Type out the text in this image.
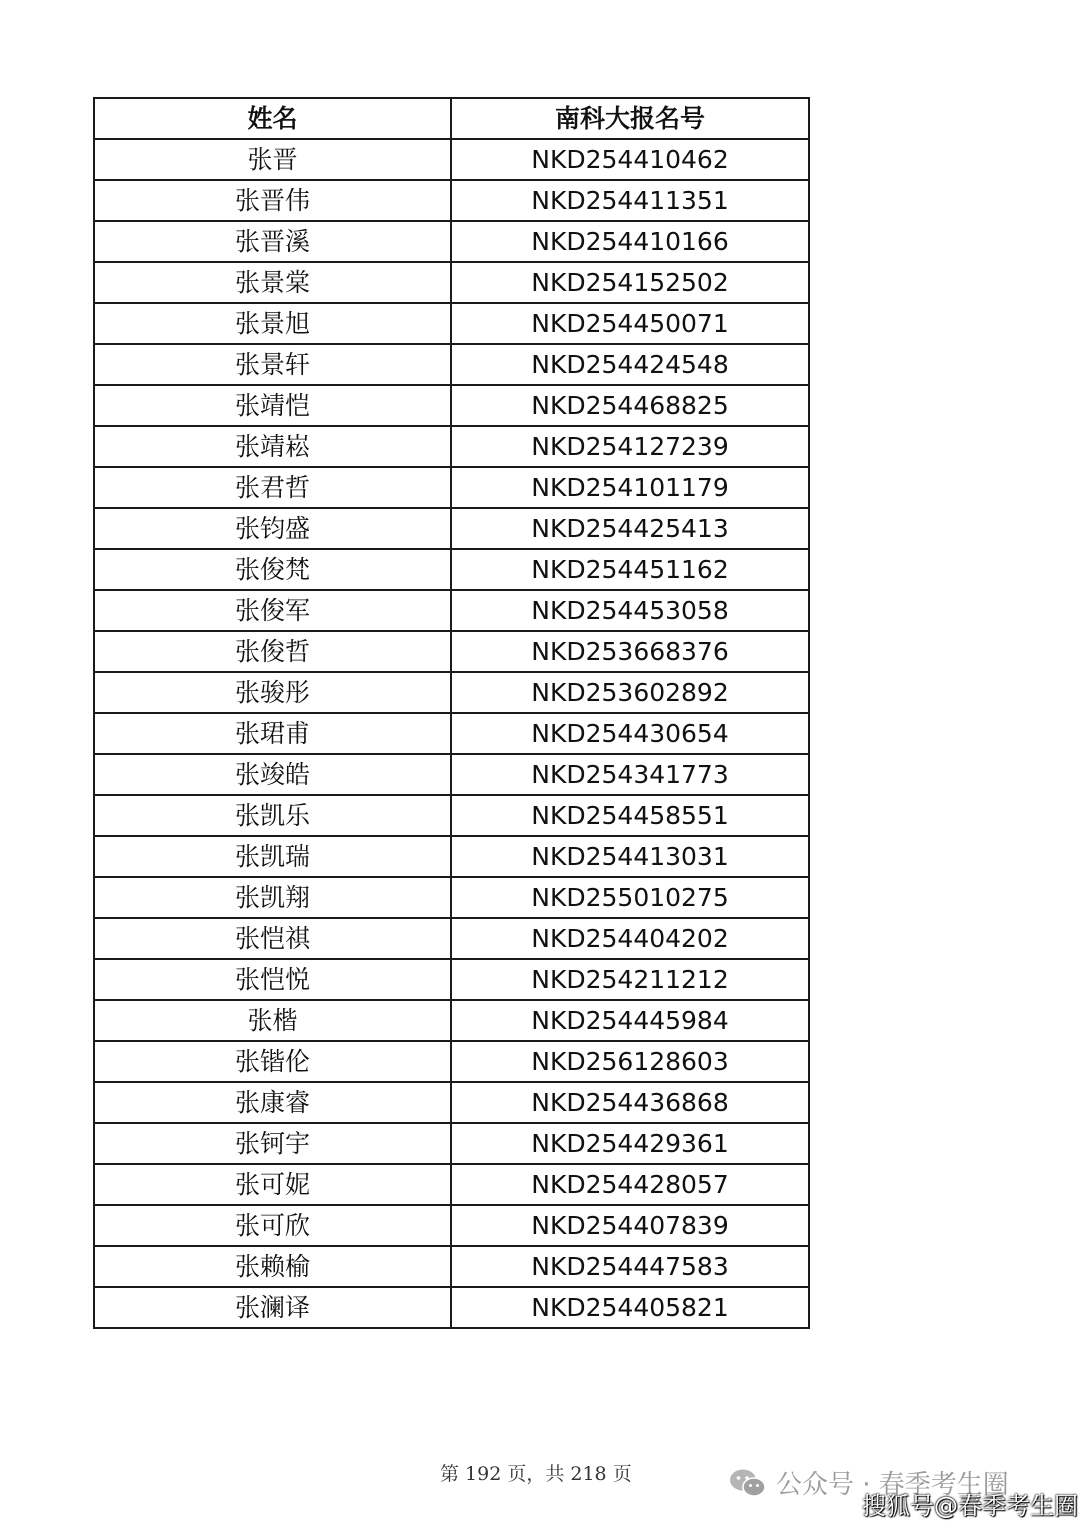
姓名	南科大报名号
张晋	NKD254410462
张晋伟	NKD254411351
张晋溪	NKD254410166
张景棠	NKD254152502
张景旭	NKD254450071
张景轩	NKD254424548
张靖恺	NKD254468825
张靖崧	NKD254127239
张君哲	NKD254101179
张钧盛	NKD254425413
张俊梵	NKD254451162
张俊军	NKD254453058
张俊哲	NKD253668376
张骏彤	NKD253602892
张珺甫	NKD254430654
张竣皓	NKD254341773
张凯乐	NKD254458551
张凯瑞	NKD254413031
张凯翔	NKD255010275
张恺祺	NKD254404202
张恺悦	NKD254211212
张楷	NKD254445984
张锴伦	NKD256128603
张康睿	NKD254436868
张钶宇	NKD254429361
张可妮	NKD254428057
张可欣	NKD254407839
张赖榆	NKD254447583
张澜译	NKD254405821
第 192 页，共 218 页	公众号 · 春季考生圈
搜狐号@春季考生圈
